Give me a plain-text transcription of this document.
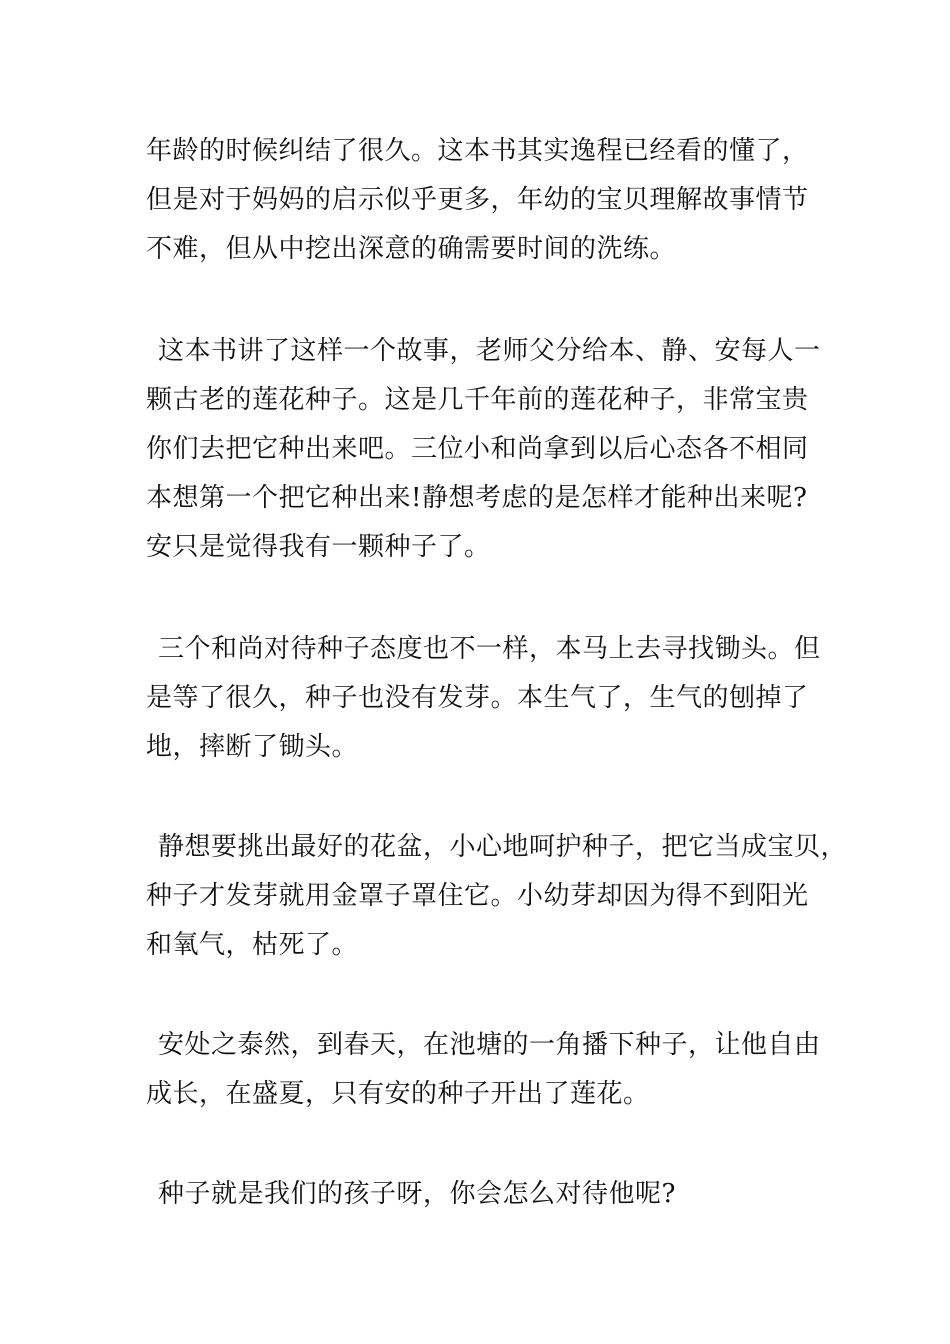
年龄的时候纠结了很久。这本书其实逸程已经看的懂了，
但是对于妈妈的启示似乎更多，年幼的宝贝理解故事情节
不难，但从中挖出深意的确需要时间的洗练。
这本书讲了这样一个故事，老师父分给本、静、安每人一
颗古老的莲花种子。这是几千年前的莲花种子，非常宝贵
你们去把它种出来吧。三位小和尚拿到以后心态各不相同
本想第一个把它种出来!静想考虑的是怎样才能种出来呢?
安只是觉得我有一颗种子了。
三个和尚对待种子态度也不一样，本马上去寻找锄头。但
是等了很久，种子也没有发芽。本生气了，生气的刨掉了
地，摔断了锄头。
静想要挑出最好的花盆，小心地呵护种子，把它当成宝贝，
种子才发芽就用金罩子罩住它。小幼芽却因为得不到阳光
和氧气，枯死了。
安处之泰然，到春天，在池塘的一角播下种子，让他自由
成长，在盛夏，只有安的种子开出了莲花。
种子就是我们的孩子呀，你会怎么对待他呢?
